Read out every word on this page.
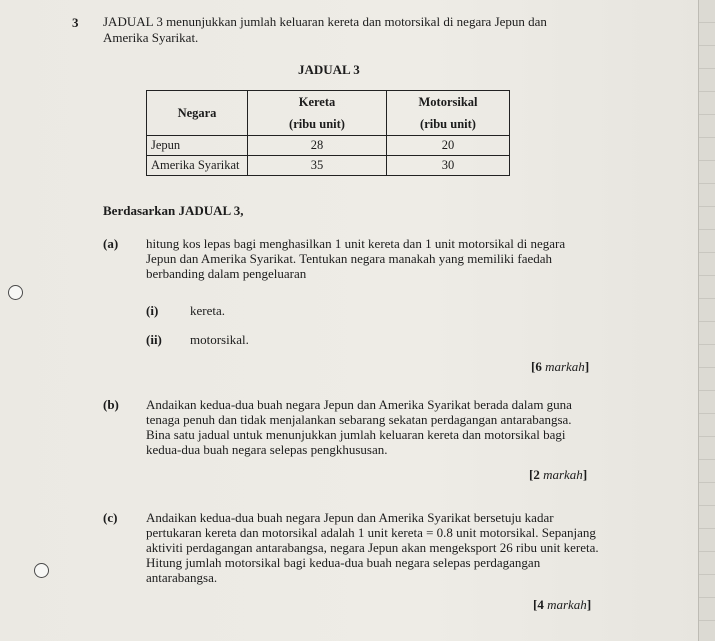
3 JADUAL 3 menunjukkan jumlah keluaran kereta dan motorsikal di negara Jepun dan Amerika Syarikat.
JADUAL 3
Negara	Kereta	Motorsikal
	(ribu unit)	(ribu unit)
Jepun	28	20
Amerika Syarikat	35	30
Berdasarkan JADUAL 3,
(a) hitung kos lepas bagi menghasilkan 1 unit kereta dan 1 unit motorsikal di negara Jepun dan Amerika Syarikat. Tentukan negara manakah yang memiliki faedah berbanding dalam pengeluaran
(i) kereta.
(ii) motorsikal.
[6 markah]
(b) Andaikan kedua-dua buah negara Jepun dan Amerika Syarikat berada dalam guna tenaga penuh dan tidak menjalankan sebarang sekatan perdagangan antarabangsa. Bina satu jadual untuk menunjukkan jumlah keluaran kereta dan motorsikal bagi kedua-dua buah negara selepas pengkhususan.
[2 markah]
(c) Andaikan kedua-dua buah negara Jepun dan Amerika Syarikat bersetuju kadar pertukaran kereta dan motorsikal adalah 1 unit kereta = 0.8 unit motorsikal. Sepanjang aktiviti perdagangan antarabangsa, negara Jepun akan mengeksport 26 ribu unit kereta. Hitung jumlah motorsikal bagi kedua-dua buah negara selepas perdagangan antarabangsa.
[4 markah]
